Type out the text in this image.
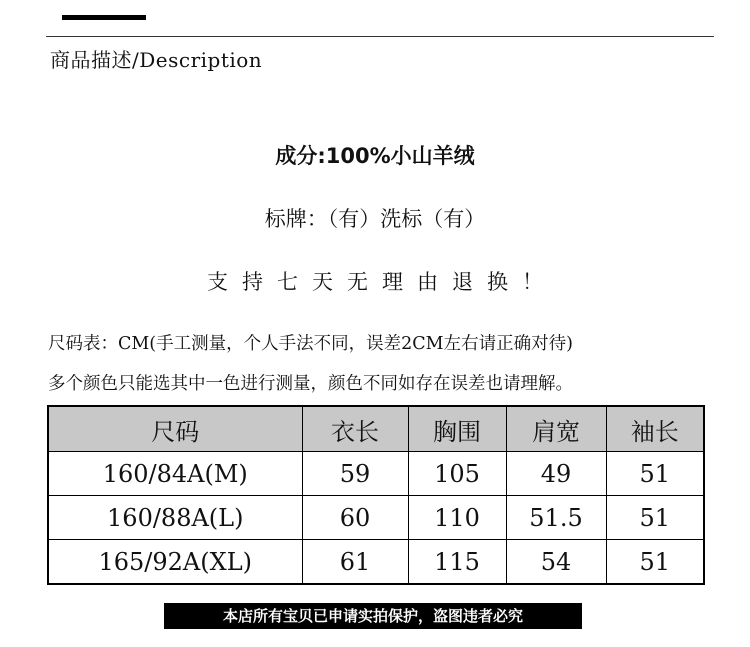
商品描述/Description
成分:100%小山羊绒
标牌：（有）洗标（有）
支持七天无理由退换！
尺码表：CM(手工测量，个人手法不同，误差2CM左右请正确对待)
多个颜色只能选其中一色进行测量，颜色不同如存在误差也请理解。
尺码	衣长	胸围	肩宽	袖长
160/84A(M)	59	105	49	51
160/88A(L)	60	110	51.5	51
165/92A(XL)	61	115	54	51
本店所有宝贝已申请实拍保护，盗图违者必究
